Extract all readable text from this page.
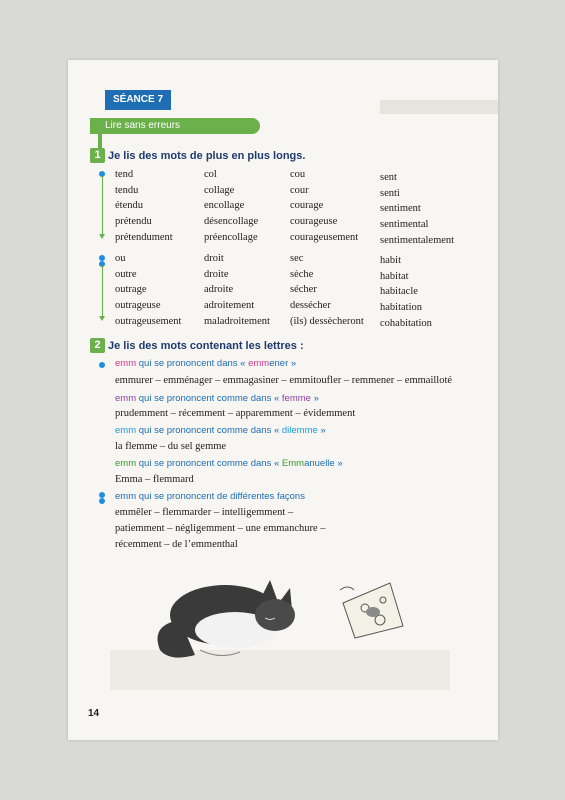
SÉANCE 7
Lire sans erreurs
1 Je lis des mots de plus en plus longs.
tend
tendu
étendu
prétendu
prétendument
col
collage
encollage
désencollage
préencollage
cou
cour
courage
courageuse
courageusement
sent
senti
sentiment
sentimental
sentimentalement
ou
outre
outrage
outrageuse
outrageusement
droit
droite
adroite
adroitement
maladroitement
sec
sèche
sécher
dessécher
(ils) dessècheront
habit
habitat
habitacle
habitation
cohabitation
2 Je lis des mots contenant les lettres :
emm qui se prononcent dans « emmener »
emmurer – emménager – emmagasiner – emmitoufler – remmener – emmailloté
emm qui se prononcent comme dans « femme »
prudemment – récemment – apparemment – évidemment
emm qui se prononcent comme dans « dilemme »
la flemme – du sel gemme
emm qui se prononcent comme dans « Emmanuelle »
Emma – flemmard
emm qui se prononcent de différentes façons
emmêler – flemmarder – intelligemment –
patiemment – négligemment – une emmanchure –
récemment – de l’emmenthal
14
